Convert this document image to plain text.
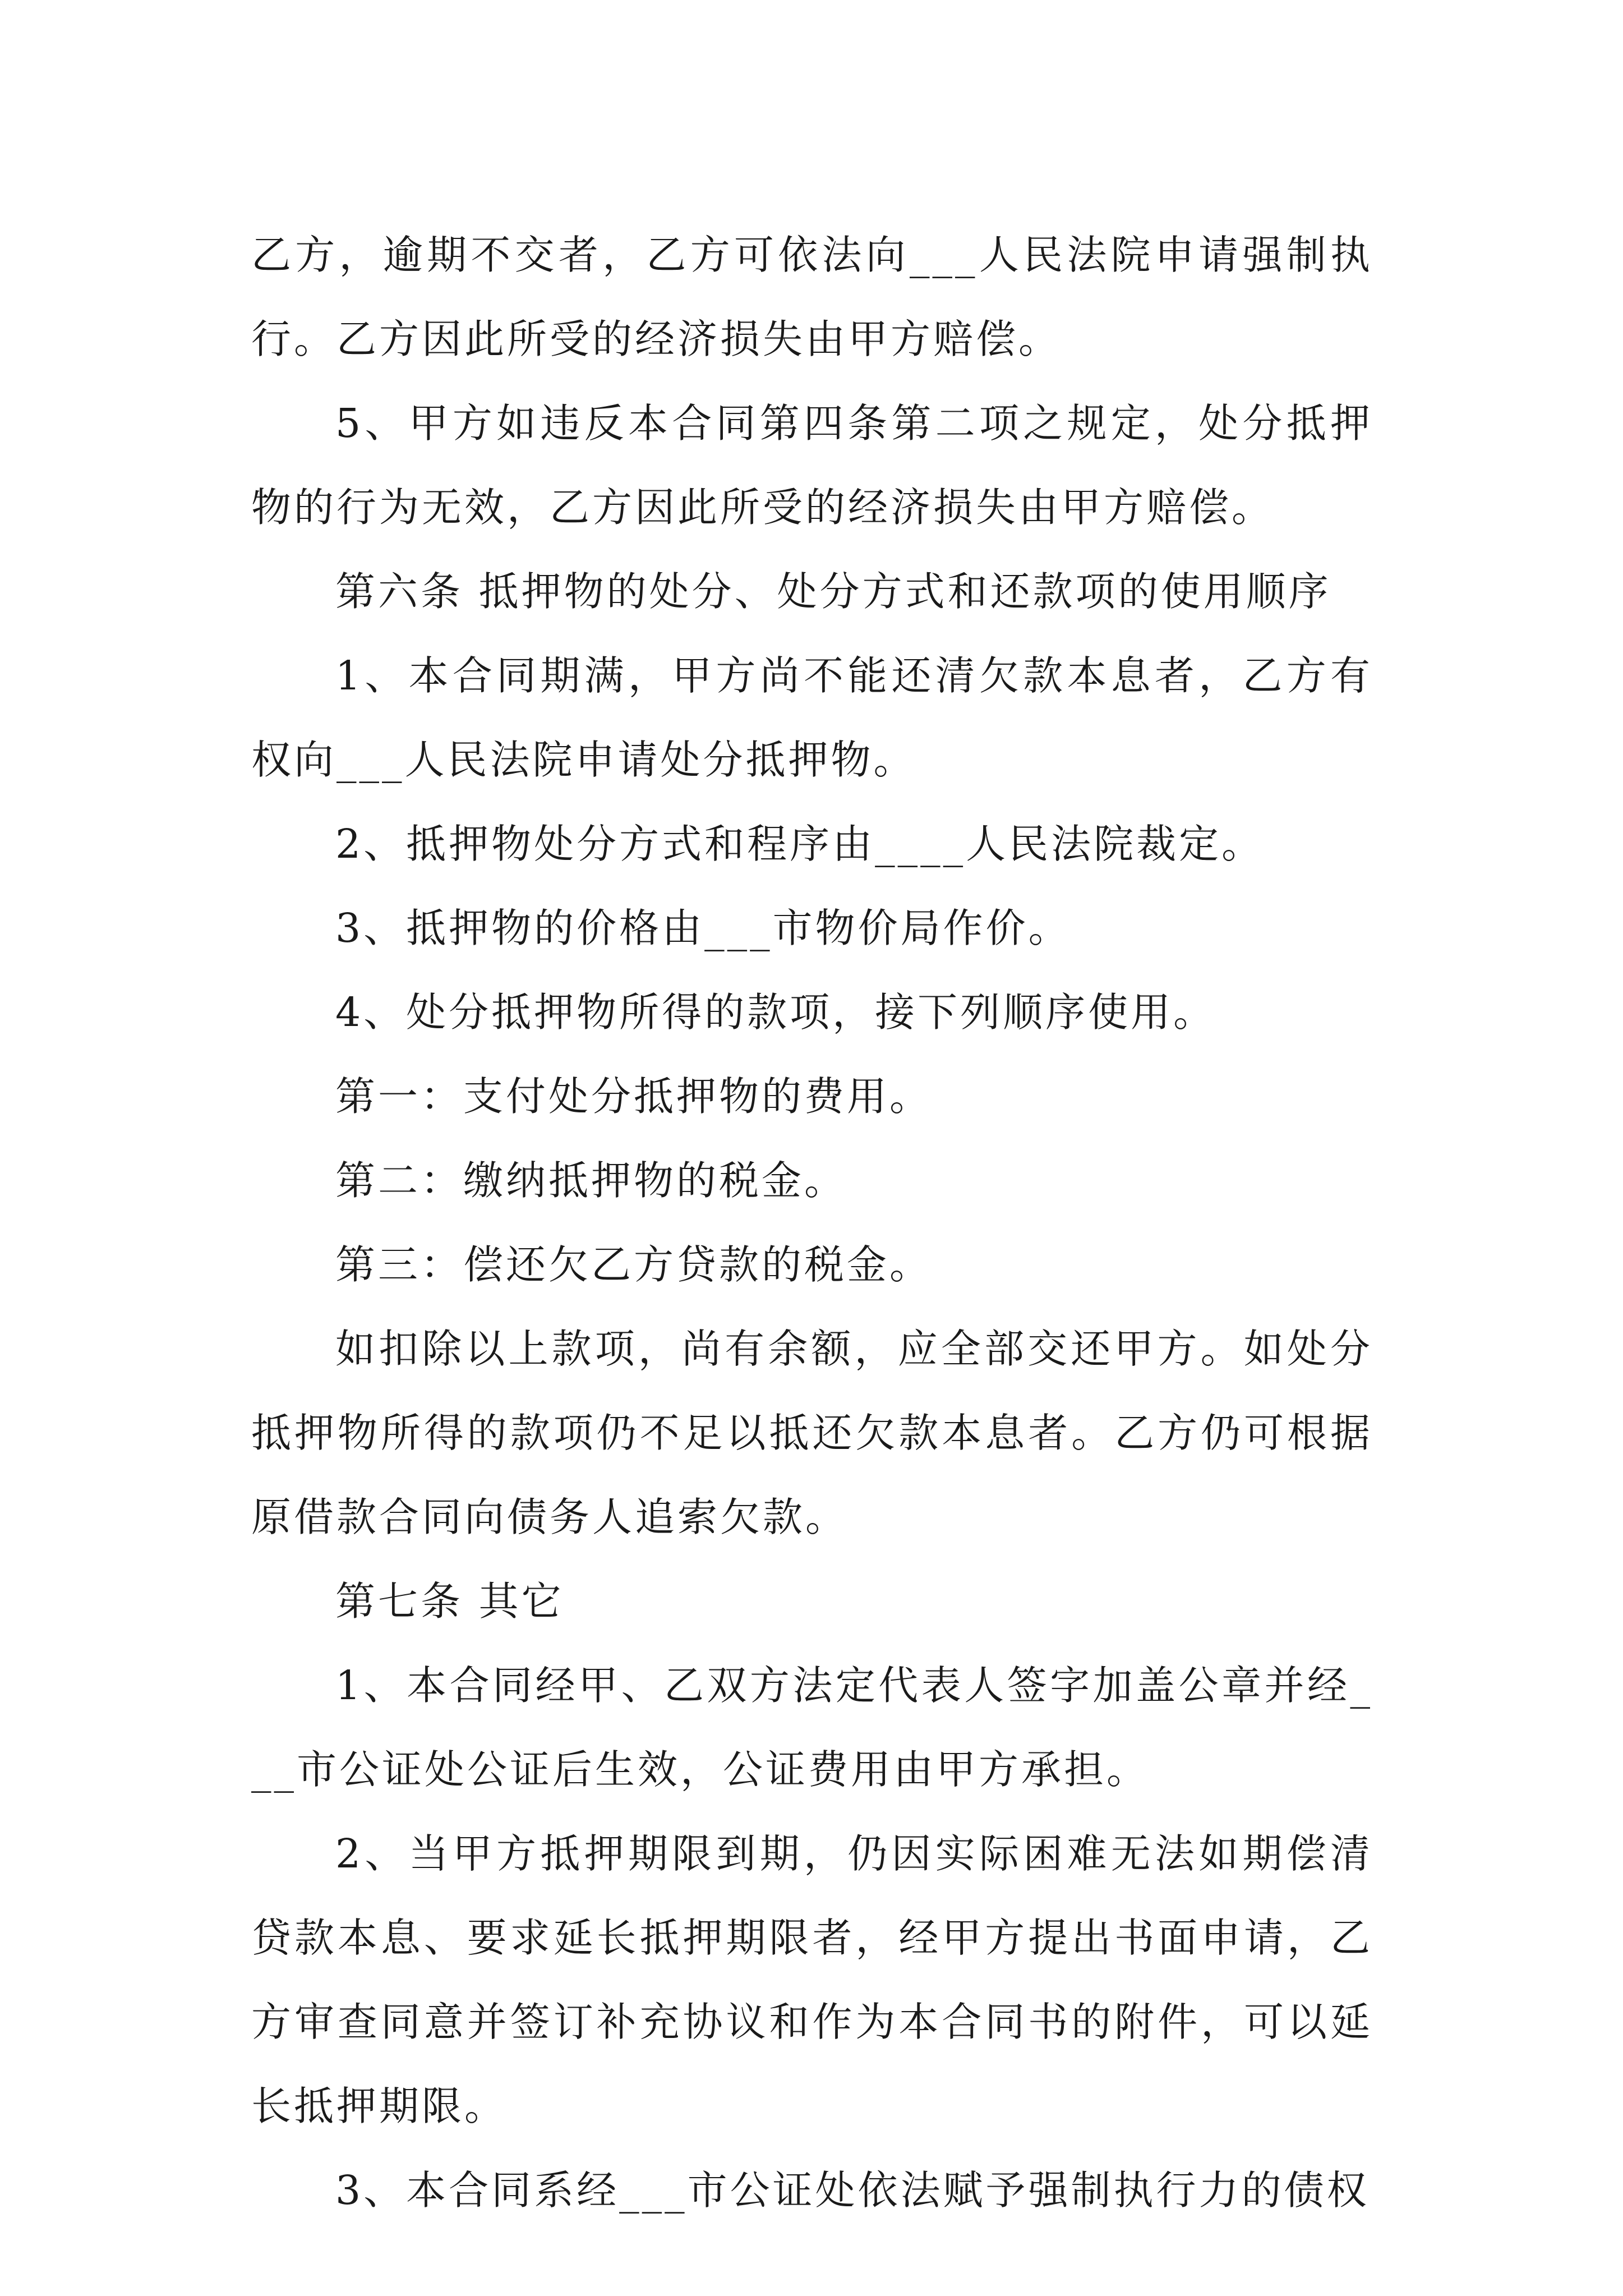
乙方，逾期不交者，乙方可依法向___人民法院申请强制执行。乙方因此所受的经济损失由甲方赔偿。

5、甲方如违反本合同第四条第二项之规定，处分抵押物的行为无效，乙方因此所受的经济损失由甲方赔偿。

第六条 抵押物的处分、处分方式和还款项的使用顺序

1、本合同期满，甲方尚不能还清欠款本息者，乙方有权向___人民法院申请处分抵押物。

2、抵押物处分方式和程序由____人民法院裁定。

3、抵押物的价格由___市物价局作价。

4、处分抵押物所得的款项，接下列顺序使用。

第一：支付处分抵押物的费用。

第二：缴纳抵押物的税金。

第三：偿还欠乙方贷款的税金。

如扣除以上款项，尚有余额，应全部交还甲方。如处分抵押物所得的款项仍不足以抵还欠款本息者。乙方仍可根据原借款合同向债务人追索欠款。

第七条 其它

1、本合同经甲、乙双方法定代表人签字加盖公章并经___市公证处公证后生效，公证费用由甲方承担。

2、当甲方抵押期限到期，仍因实际困难无法如期偿清贷款本息、要求延长抵押期限者，经甲方提出书面申请，乙方审查同意并签订补充协议和作为本合同书的附件，可以延长抵押期限。

3、本合同系经___市公证处依法赋予强制执行力的债权
